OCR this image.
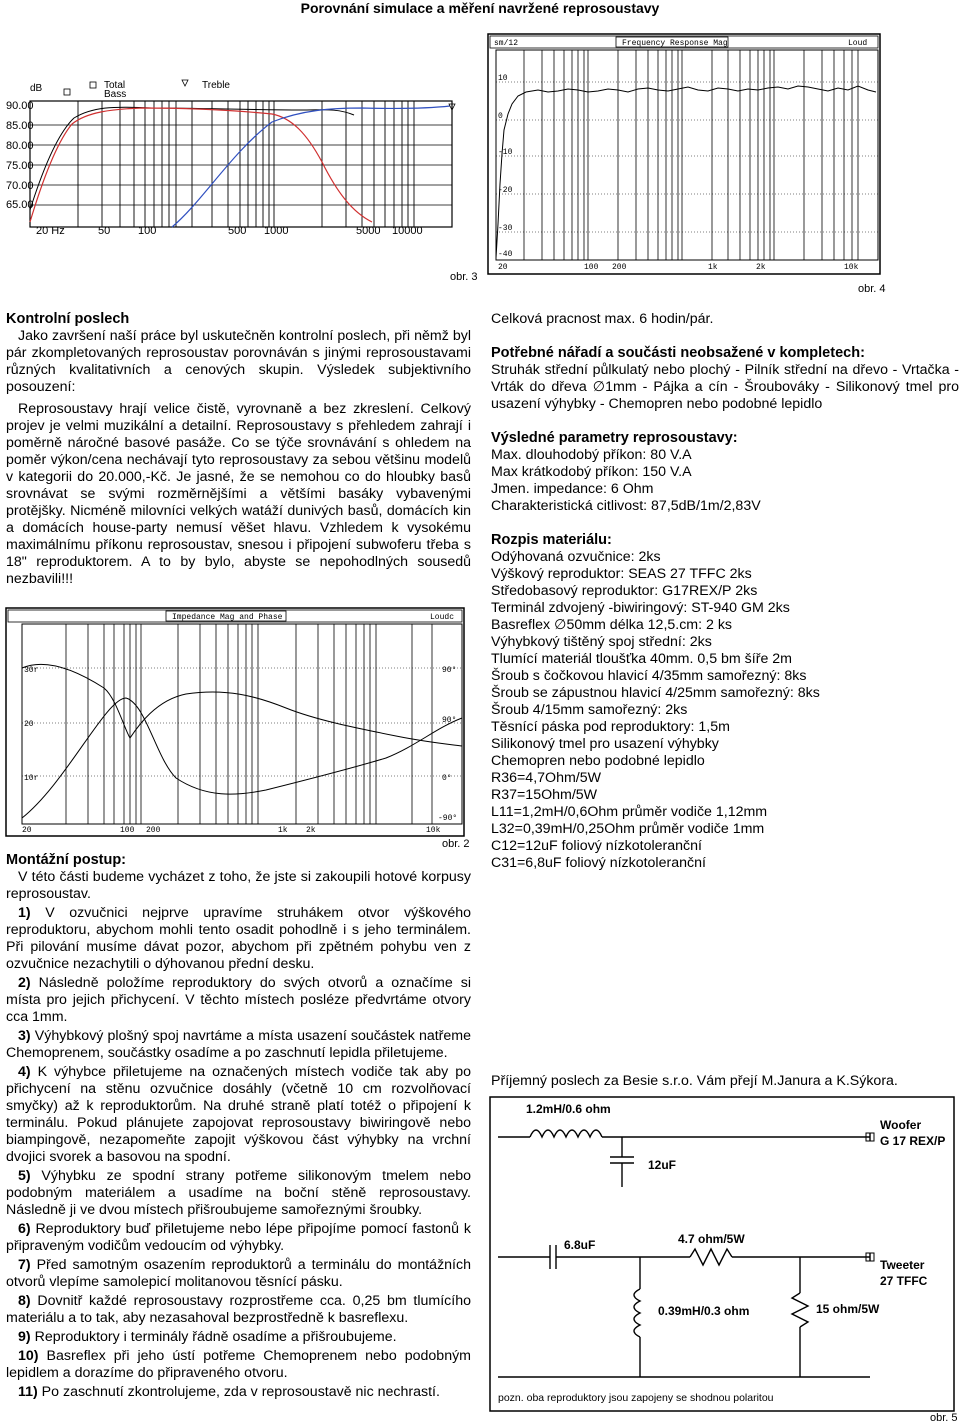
Porovnání simulace a měření navržené reprosoustavy
dB	Total
Bass
Treble
90.00
85.00
80.00
75.00
70.00
65.00
20 Hz	50	100	500 1000	5000 10000
obr. 3
sm/12	Frequency Response Mag	Loud
10
0
-10
-20
-30
-40
20	100 200	1k	2k	10k
obr. 4

Kontrolní poslech

Jako završení naší práce byl uskutečněn kontrolní poslech, při němž byl pár zkompletovaných reprosoustav porovnáván s jinými reprosoustavami různých kvalitativních a cenových skupin. Výsledek subjektivního posouzení:

Reprosoustavy hrají velice čistě, vyrovnaně a bez zkreslení. Celkový projev je velmi muzikální a detailní. Reprosoustavy s přehledem zahrají i poměrně náročné basové pasáže. Co se týče srovnávání s ohledem na poměr výkon/cena nechávají tyto reprosoustavy za sebou většinu modelů v kategorii do 20.000,-Kč. Je jasné, že se nemohou co do hloubky basů srovnávat se svými rozměrnějšími a většími basáky vybavenými protějšky. Nicméně milovníci velkých watáží dunivých basů, domácích kin a domácích house-party nemusí věšet hlavu. Vzhledem k vysokému maximálnímu příkonu reprosoustav, snesou i připojení subwoferu třeba s 18" reproduktorem. A to by bylo, abyste se nepohodlných sousedů nezbavili!!!

Impedance Mag and Phase	Loudc
30r
20
10r
90°
90°
0°
-90°
20	100 200	1k 2k	10k
obr. 2

Montážní postup:

V této části budeme vycházet z toho, že jste si zakoupili hotové korpusy reprosoustav.

1) V ozvučnici nejprve upravíme struhákem otvor výškového reproduktoru, abychom mohli tento osadit pohodlně i s jeho terminálem. Při pilování musíme dávat pozor, abychom při zpětném pohybu ven z ozvučnice nezachytili o dýhovanou přední desku.

2) Následně položíme reproduktory do svých otvorů a označíme si místa pro jejich přichycení. V těchto místech posléze předvrtáme otvory cca 1mm.

3) Výhybkový plošný spoj navrtáme a místa usazení součástek natřeme Chemoprenem, součástky osadíme a po zaschnutí lepidla přiletujeme.

4) K výhybce přiletujeme na označených místech vodiče tak aby po přichycení na stěnu ozvučnice dosáhly (včetně 10 cm rozvolňovací smyčky) až k reproduktorům. Na druhé straně platí totéž o připojení k terminálu. Pokud plánujete zapojovat reprosoustavy biwiringově nebo biampingově, nezapomeňte zapojit výškovou část výhybky na vrchní dvojici svorek a basovou na spodní.

5) Výhybku ze spodní strany potřeme silikonovým tmelem nebo podobným materiálem a usadíme na boční stěně reprosoustavy. Následně ji ve dvou místech přišroubujeme samořeznými šroubky.

6) Reproduktory buď přiletujeme nebo lépe připojíme pomocí fastonů k připraveným vodičům vedoucím od výhybky.

7) Před samotným osazením reproduktorů a terminálu do montážních otvorů vlepíme samolepicí molitanovou těsnící pásku.

8) Dovnitř každé reprosoustavy rozprostřeme cca. 0,25 bm tlumícího materiálu a to tak, aby nezasahoval bezprostředně k basreflexu.

9) Reproduktory i terminály řádně osadíme a přišroubujeme.

10) Basreflex při jeho ústí potřeme Chemoprenem nebo podobným lepidlem a dorazíme do připraveného otvoru.

11) Po zaschnutí zkontrolujeme, zda v reprosoustavě nic nechrastí.

Celková pracnost max. 6 hodin/pár.

Potřebné nářadí a součásti neobsažené v kompletech:

Struhák střední půlkulatý nebo plochý - Pilník střední na dřevo - Vrtačka - Vrták do dřeva ∅1mm - Pájka a cín - Šroubováky - Silikonový tmel pro usazení výhybky - Chemopren nebo podobné lepidlo

Výsledné parametry reprosoustavy:

Max. dlouhodobý příkon: 80 V.A

Max krátkodobý příkon: 150 V.A

Jmen. impedance: 6 Ohm

Charakteristická citlivost: 87,5dB/1m/2,83V

Rozpis materiálu:

Odýhovaná ozvučnice: 2ks

Výškový reproduktor: SEAS 27 TFFC 2ks

Středobasový reproduktor: G17REX/P 2ks

Terminál zdvojený -biwiringový: ST-940 GM 2ks

Basreflex ∅50mm délka 12,5.cm: 2 ks

Výhybkový tištěný spoj střední: 2ks

Tlumící materiál tloušťka 40mm. 0,5 bm šíře 2m

Šroub s čočkovou hlavicí 4/35mm samořezný: 8ks

Šroub se zápustnou hlavicí 4/25mm samořezný: 8ks

Šroub 4/15mm samořezný: 2ks

Těsnící páska pod reproduktory: 1,5m

Silikonový tmel pro usazení výhybky

Chemopren nebo podobné lepidlo

R36=4,7Ohm/5W

R37=15Ohm/5W

L11=1,2mH/0,6Ohm průměr vodiče 1,12mm

L32=0,39mH/0,25Ohm průměr vodiče 1mm

C12=12uF foliový nízkotoleranční

C31=6,8uF foliový nízkotoleranční

Příjemný poslech za Besie s.r.o. Vám přejí M.Janura a K.Sýkora.
1.2mH/0.6 ohm
Woofer
G 17 REX/P
12uF
6.8uF	4.7 ohm/5W
Tweeter
27 TFFC
0.39mH/0.3 ohm	15 ohm/5W
pozn. oba reproduktory jsou zapojeny se shodnou polaritou
obr. 5
